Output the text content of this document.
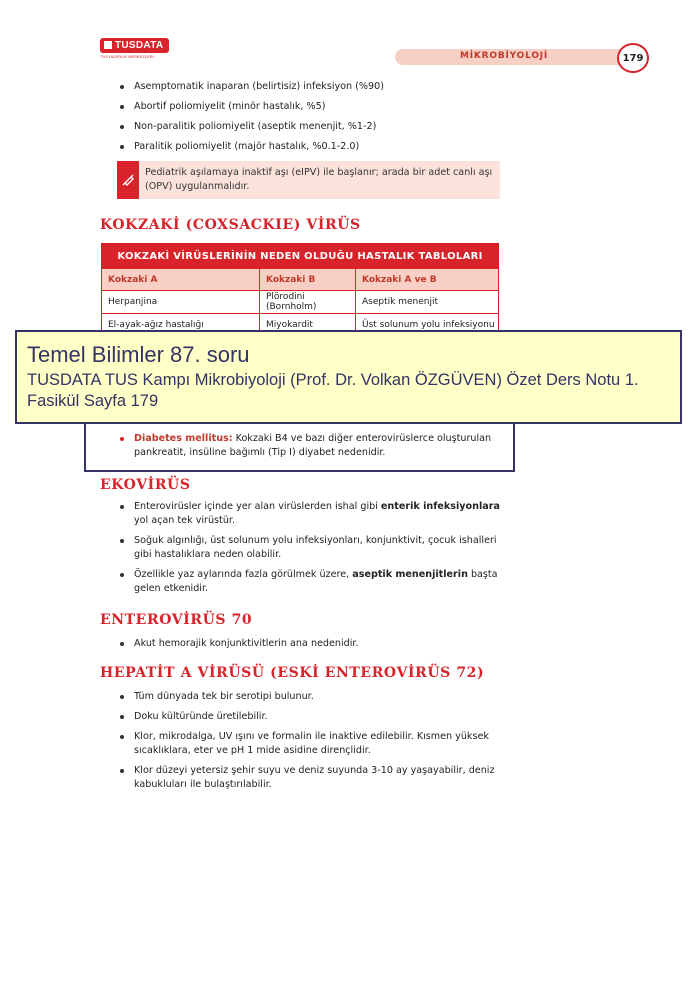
TUSDATA
TUS HAZIRLIK MERKEZLERİ	MİKROBİYOLOJİ	179
Asemptomatik inaparan (belirtisiz) infeksiyon (%90)
Abortif poliomiyelit (minör hastalık, %5)
Non-paralitik poliomiyelit (aseptik menenjit, %1-2)
Paralitik poliomiyelit (majör hastalık, %0.1-2.0)
Pediatrik aşılamaya inaktif aşı (eIPV) ile başlanır; arada bir adet canlı aşı (OPV) uygulanmalıdır.
KOKZAKİ (COXSACKIE) VİRÜS
KOKZAKİ VİRÜSLERİNİN NEDEN OLDUĞU HASTALIK TABLOLARI		
Kokzaki A	Kokzaki B	Kokzaki A ve B
Herpanjina	Plörodini (Bornholm)	Aseptik menenjit
El-ayak-ağız hastalığı	Miyokardit	Üst solunum yolu infeksiyonu
Diabetes mellitus: Kokzaki B4 ve bazı diğer enterovirüslerce oluşturulan pankreatit, insüline bağımlı (Tip I) diyabet nedenidir.
Temel Bilimler 87. soru
TUSDATA TUS Kampı Mikrobiyoloji (Prof. Dr. Volkan ÖZGÜVEN) Özet Ders Notu 1. Fasikül Sayfa 179
EKOVİRÜS
Enterovirüsler içinde yer alan virüslerden ishal gibi enterik infeksiyonlara yol açan tek virüstür.
Soğuk algınlığı, üst solunum yolu infeksiyonları, konjunktivit, çocuk ishalleri gibi hastalıklara neden olabilir.
Özellikle yaz aylarında fazla görülmek üzere, aseptik menenjitlerin başta gelen etkenidir.
ENTEROVİRÜS 70
Akut hemorajik konjunktivitlerin ana nedenidir.
HEPATİT A VİRÜSÜ (ESKİ ENTEROVİRÜS 72)
Tüm dünyada tek bir serotipi bulunur.
Doku kültüründe üretilebilir.
Klor, mikrodalga, UV ışını ve formalin ile inaktive edilebilir. Kısmen yüksek sıcaklıklara, eter ve pH 1 mide asidine dirençlidir.
Klor düzeyi yetersiz şehir suyu ve deniz suyunda 3-10 ay yaşayabilir, deniz kabukluları ile bulaştırılabilir.
